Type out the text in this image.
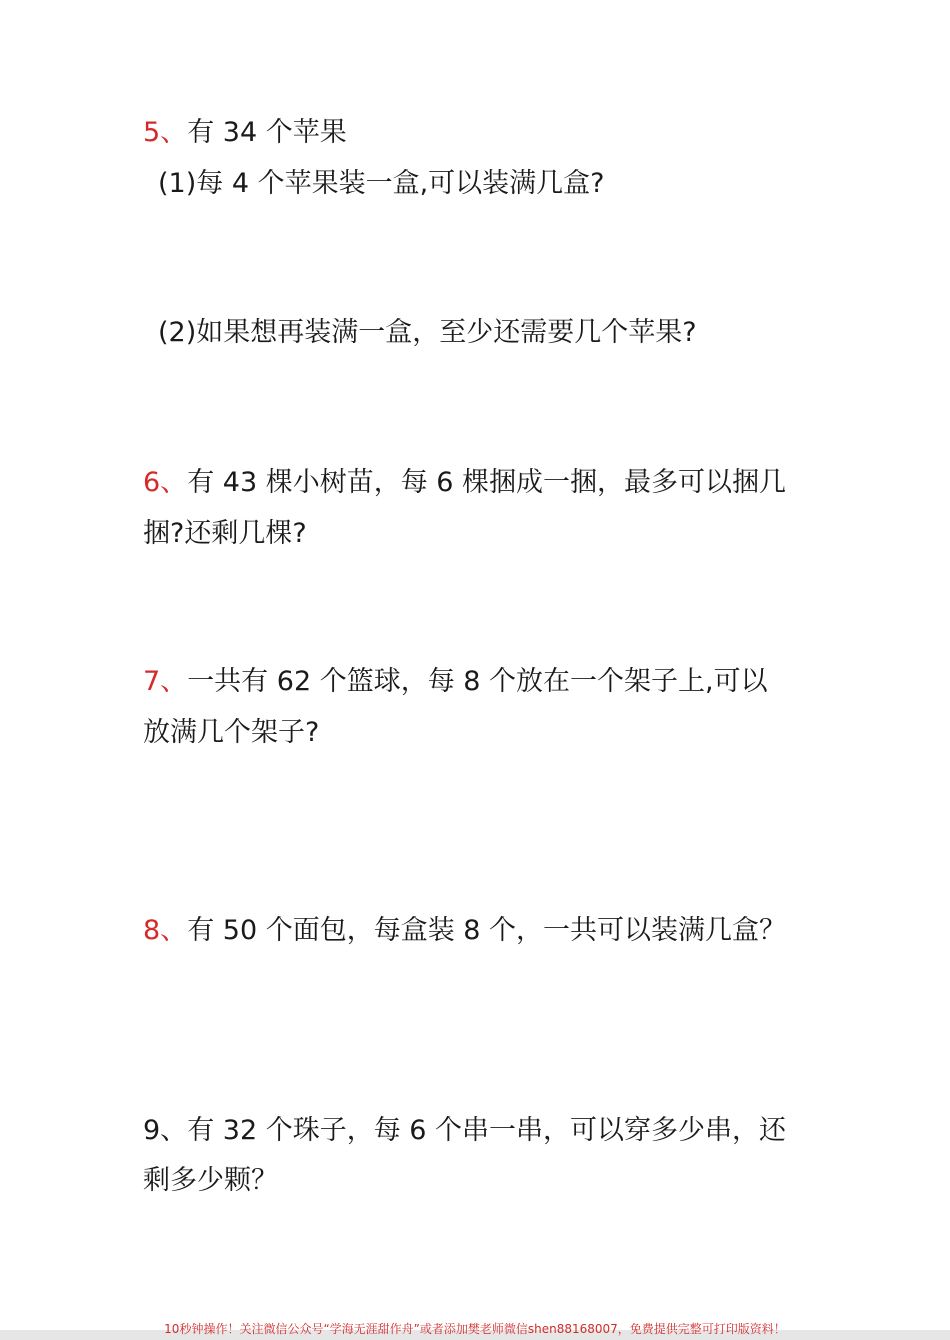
5、有 34 个苹果
(1)每 4 个苹果装一盒,可以装满几盒?
(2)如果想再装满一盒，至少还需要几个苹果?
6、有 43 棵小树苗，每 6 棵捆成一捆，最多可以捆几
捆?还剩几棵?
7、一共有 62 个篮球，每 8 个放在一个架子上,可以
放满几个架子?
8、有 50 个面包，每盒装 8 个，一共可以装满几盒？
9、有 32 个珠子，每 6 个串一串，可以穿多少串，还
剩多少颗？
10秒钟操作！关注微信公众号“学海无涯甜作舟”或者添加樊老师微信shen88168007，免费提供完整可打印版资料！
